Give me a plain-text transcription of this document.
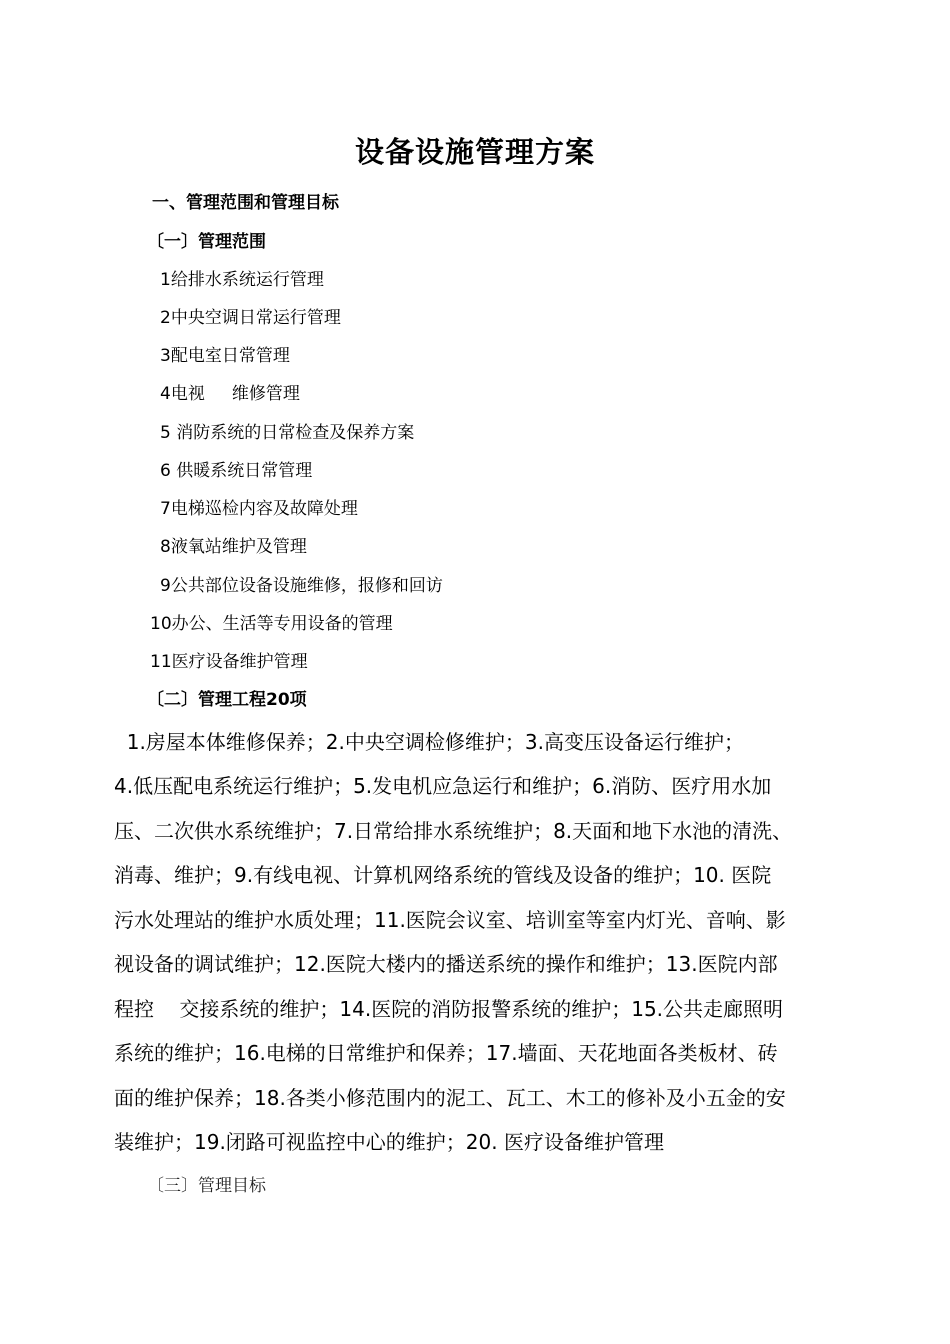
设备设施管理方案
一、管理范围和管理目标
〔一〕管理范围
1给排水系统运行管理
2中央空调日常运行管理
3配电室日常管理
4电视     维修管理
5 消防系统的日常检查及保养方案
6 供暖系统日常管理
7电梯巡检内容及故障处理
8液氧站维护及管理
9公共部位设备设施维修，报修和回访
10办公、生活等专用设备的管理
11医疗设备维护管理
〔二〕管理工程20项
1.房屋本体维修保养；2.中央空调检修维护；3.高变压设备运行维护；
4.低压配电系统运行维护；5.发电机应急运行和维护；6.消防、医疗用水加
压、二次供水系统维护；7.日常给排水系统维护；8.天面和地下水池的清洗、
消毒、维护；9.有线电视、计算机网络系统的管线及设备的维护；10. 医院
污水处理站的维护水质处理；11.医院会议室、培训室等室内灯光、音响、影
视设备的调试维护；12.医院大楼内的播送系统的操作和维护；13.医院内部
程控    交接系统的维护；14.医院的消防报警系统的维护；15.公共走廊照明
系统的维护；16.电梯的日常维护和保养；17.墙面、天花地面各类板材、砖
面的维护保养；18.各类小修范围内的泥工、瓦工、木工的修补及小五金的安
装维护；19.闭路可视监控中心的维护；20. 医疗设备维护管理
〔三〕管理目标
